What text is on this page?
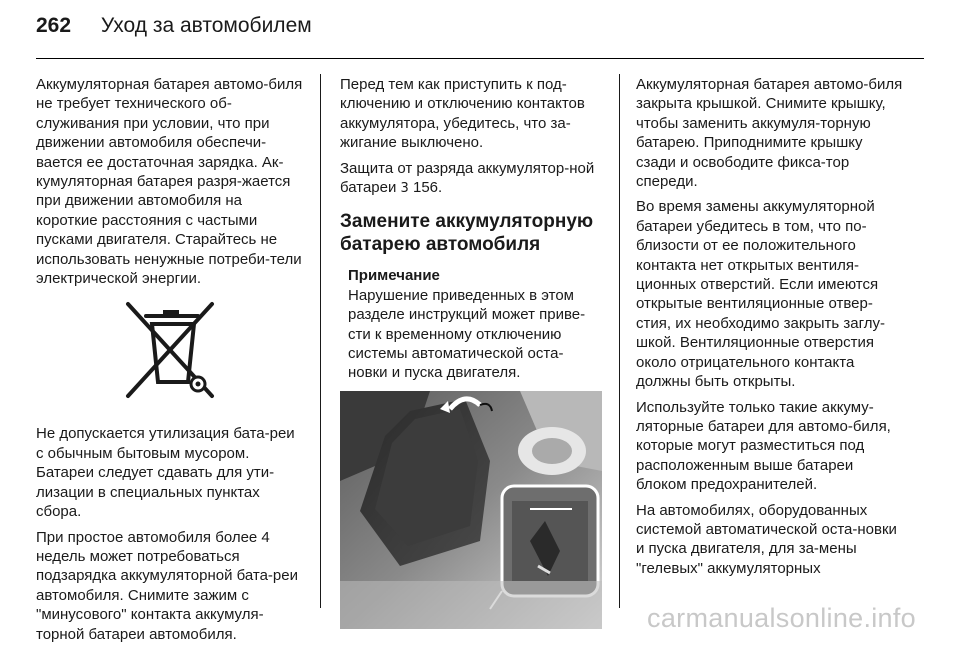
262 Уход за автомобилем

Аккумуляторная батарея автомо-биля не требует технического об-служивания при условии, что при движении автомобиля обеспечи-вается ее достаточная зарядка. Ак-кумуляторная батарея разря-жается при движении автомобиля на короткие расстояния с частыми пусками двигателя. Старайтесь не использовать ненужные потреби-тели электрической энергии.

Не допускается утилизация бата-реи с обычным бытовым мусором. Батареи следует сдавать для ути-лизации в специальных пунктах сбора.

При простое автомобиля более 4 недель может потребоваться подзарядка аккумуляторной бата-реи автомобиля. Снимите зажим с "минусового" контакта аккумуля-торной батареи автомобиля.

Перед тем как приступить к под-ключению и отключению контактов аккумулятора, убедитесь, что за-жигание выключено.

Защита от разряда аккумулятор-ной батареи 3 156.

Замените аккумуляторную батарею автомобиля
Примечание
Нарушение приведенных в этом разделе инструкций может приве-сти к временному отключению системы автоматической оста-новки и пуска двигателя.

Аккумуляторная батарея автомо-биля закрыта крышкой. Снимите крышку, чтобы заменить аккумуля-торную батарею. Приподнимите крышку сзади и освободите фикса-тор спереди.

Во время замены аккумуляторной батареи убедитесь в том, что по-близости от ее положительного контакта нет открытых вентиля-ционных отверстий. Если имеются открытые вентиляционные отвер-стия, их необходимо закрыть заглу-шкой. Вентиляционные отверстия около отрицательного контакта должны быть открыты.

Используйте только такие аккуму-ляторные батареи для автомо-биля, которые могут разместиться под расположенным выше батареи блоком предохранителей.

На автомобилях, оборудованных системой автоматической оста-новки и пуска двигателя, для за-мены "гелевых" аккумуляторных

carmanualsonline.info
